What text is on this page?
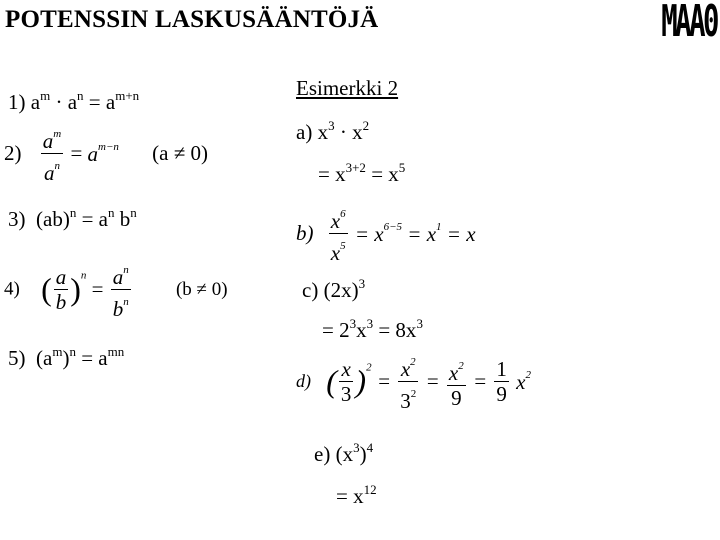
POTENSSIN LASKUSÄÄNTÖJÄ	MAA0
1) $a^m \cdot a^n = a^{m+n}$
$2) \frac{a^m}{a^n} = a^{m-n}$ (a ≠ 0)
3) $(ab)^n = a^n$ $b^n$
4) ( $\frac{a}{b} )^n = \frac{a^n}{b^n} (b \ne 0)$
5) $(a^m)^n = a^{mn}$
Esimerkki 2
a) $x^3 \cdot x^2$
= $x^{3+2} = x^5$
$b) \frac{x^6}{x^5} = x^{6-5} = x^1 = x$
c) $(2x)^3$
= $2^3x^3 = 8x^3$
d) ( $\frac{x}{3} )^2 = \frac{x^2}{3^2} = \frac{x^2}{9} = \frac{1}{9} x^2$
e) $(x^3)^4$
= $x^{12}$
